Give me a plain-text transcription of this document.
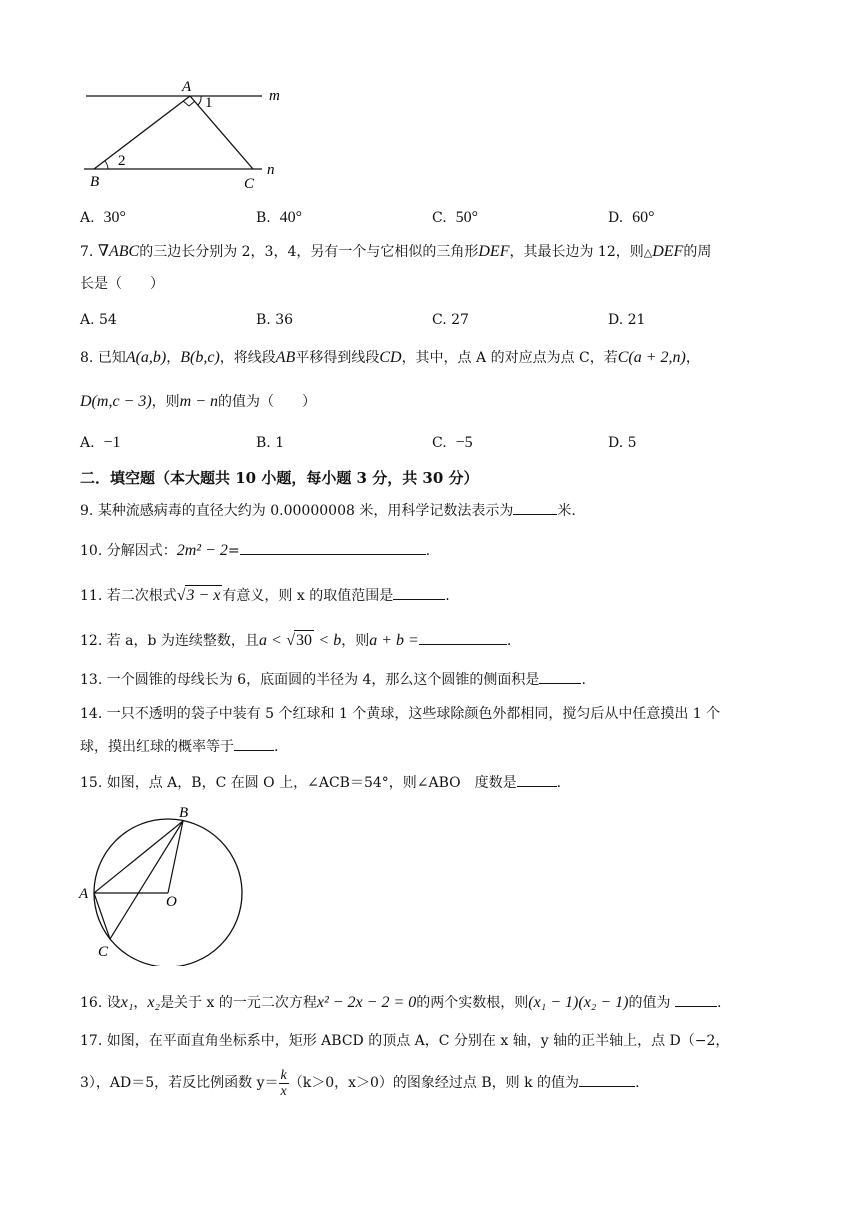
A
1	m
2
B	C
n
A. 30°	B. 40°	C. 50°	D. 60°
7. ∇ABC的三边长分别为 2，3，4，另有一个与它相似的三角形DEF，其最长边为 12，则△DEF的周
长是（　　）
A. 54	B. 36	C. 27	D. 21
8. 已知A(a,b)，B(b,c)，将线段AB平移得到线段CD，其中，点 A 的对应点为点 C，若C(a + 2,n)，
D(m,c − 3)，则m − n的值为（　　）
A. −1	B. 1	C. −5	D. 5
二．填空题（本大题共 10 小题，每小题 3 分，共 30 分）
9. 某种流感病毒的直径大约为 0.00000008 米，用科学记数法表示为	米.
10. 分解因式：2m² − 2=	.
11. 若二次根式√3 − x 有意义，则 x 的取值范围是	.
12. 若 a，b 为连续整数，且a < √30 < b，则a + b =	.
13. 一个圆锥的母线长为 6，底面圆的半径为 4，那么这个圆锥的侧面积是	.
14. 一只不透明的袋子中装有 5 个红球和 1 个黄球，这些球除颜色外都相同，搅匀后从中任意摸出 1 个
球，摸出红球的概率等于	.
15. 如图，点 A，B，C 在圆 O 上，∠ACB＝54°，则∠ABO　度数是	.
B
A	O
C
16. 设x₁，x₂是关于 x 的一元二次方程x² − 2x − 2 = 0的两个实数根，则(x₁ − 1)(x₂ − 1)的值为	.
17. 如图，在平面直角坐标系中，矩形 ABCD 的顶点 A，C 分别在 x 轴，y 轴的正半轴上，点 D（−2，
3），AD＝5，若反比例函数 $y= \frac{k}{x} (k>0$，x＞0）的图象经过点 B，则 k 的值为	.
